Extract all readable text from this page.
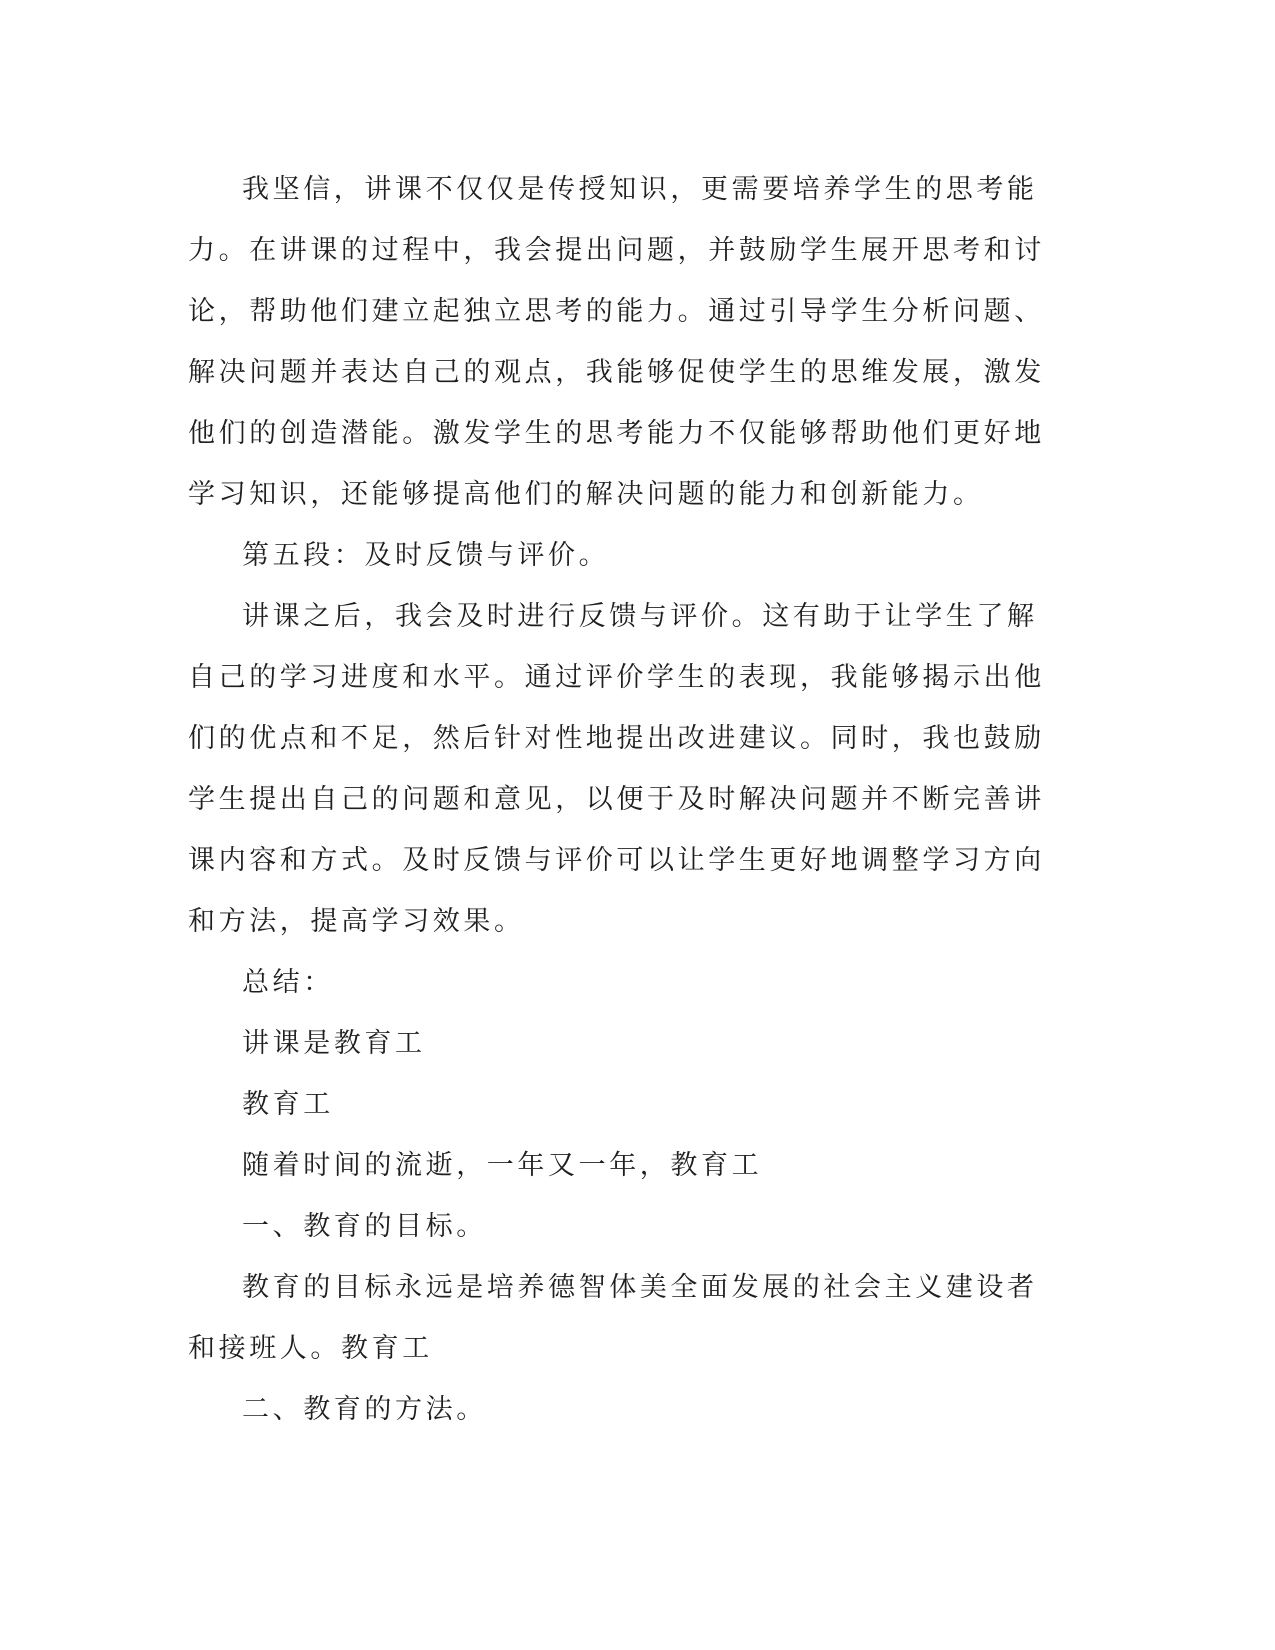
我坚信，讲课不仅仅是传授知识，更需要培养学生的思考能力。在讲课的过程中，我会提出问题，并鼓励学生展开思考和讨论，帮助他们建立起独立思考的能力。通过引导学生分析问题、解决问题并表达自己的观点，我能够促使学生的思维发展，激发他们的创造潜能。激发学生的思考能力不仅能够帮助他们更好地学习知识，还能够提高他们的解决问题的能力和创新能力。

第五段：及时反馈与评价。

讲课之后，我会及时进行反馈与评价。这有助于让学生了解自己的学习进度和水平。通过评价学生的表现，我能够揭示出他们的优点和不足，然后针对性地提出改进建议。同时，我也鼓励学生提出自己的问题和意见，以便于及时解决问题并不断完善讲课内容和方式。及时反馈与评价可以让学生更好地调整学习方向和方法，提高学习效果。

总结：

讲课是教育工

教育工

随着时间的流逝，一年又一年，教育工

一、教育的目标。

教育的目标永远是培养德智体美全面发展的社会主义建设者和接班人。教育工

二、教育的方法。
